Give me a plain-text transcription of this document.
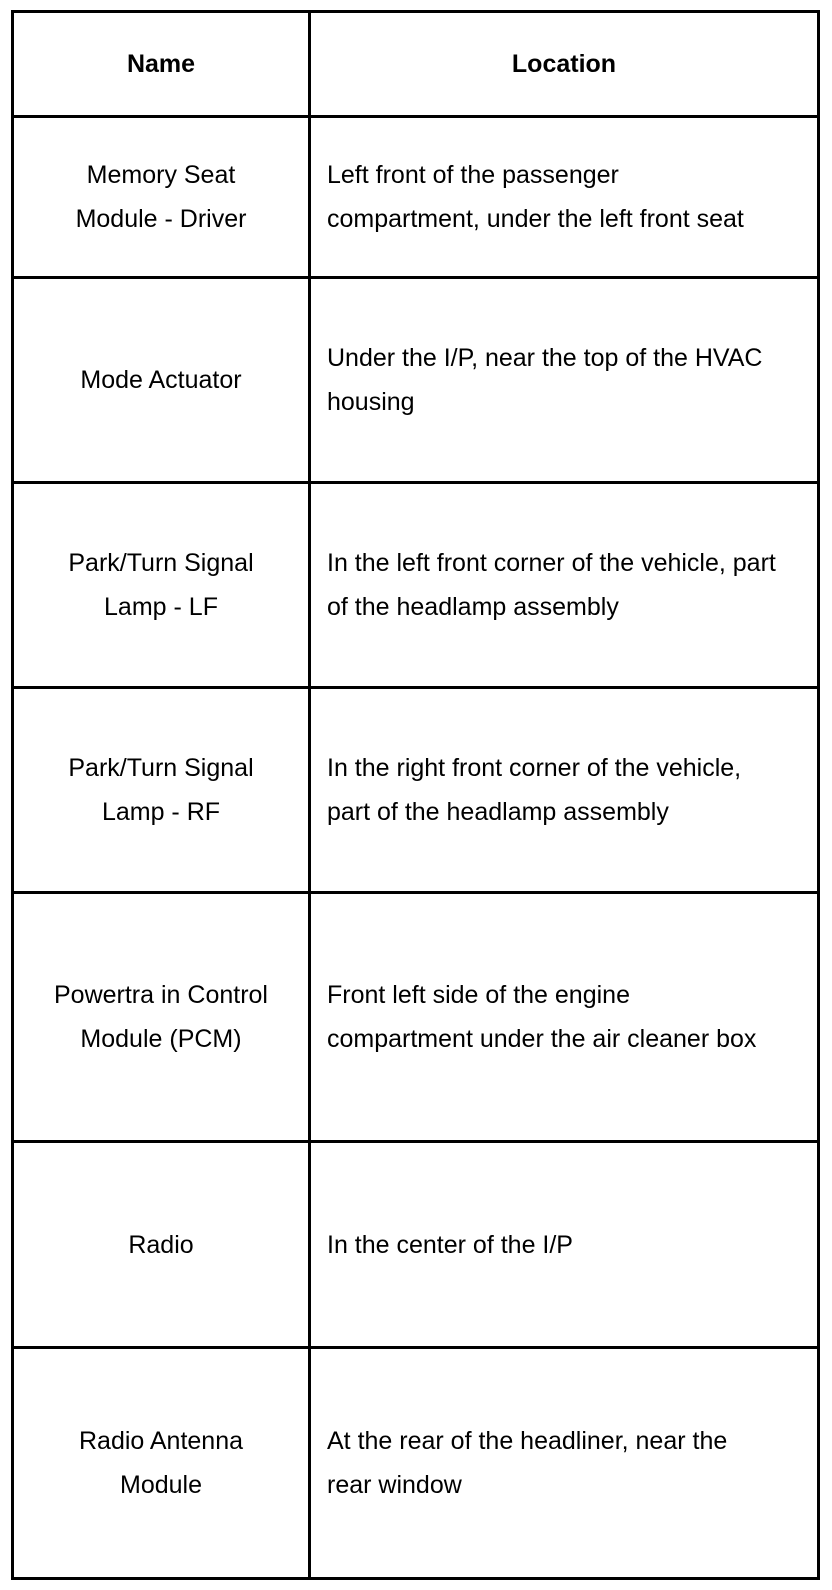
Name	Location
Memory Seat Module - Driver	Left front of the passenger compartment, under the left front seat
Mode Actuator	Under the I/P, near the top of the HVAC housing
Park/Turn Signal Lamp - LF	In the left front corner of the vehicle, part of the headlamp assembly
Park/Turn Signal Lamp - RF	In the right front corner of the vehicle, part of the headlamp assembly
Powertra in Control Module (PCM)	Front left side of the engine compartment under the air cleaner box
Radio	In the center of the I/P
Radio Antenna Module	At the rear of the headliner, near the rear window
